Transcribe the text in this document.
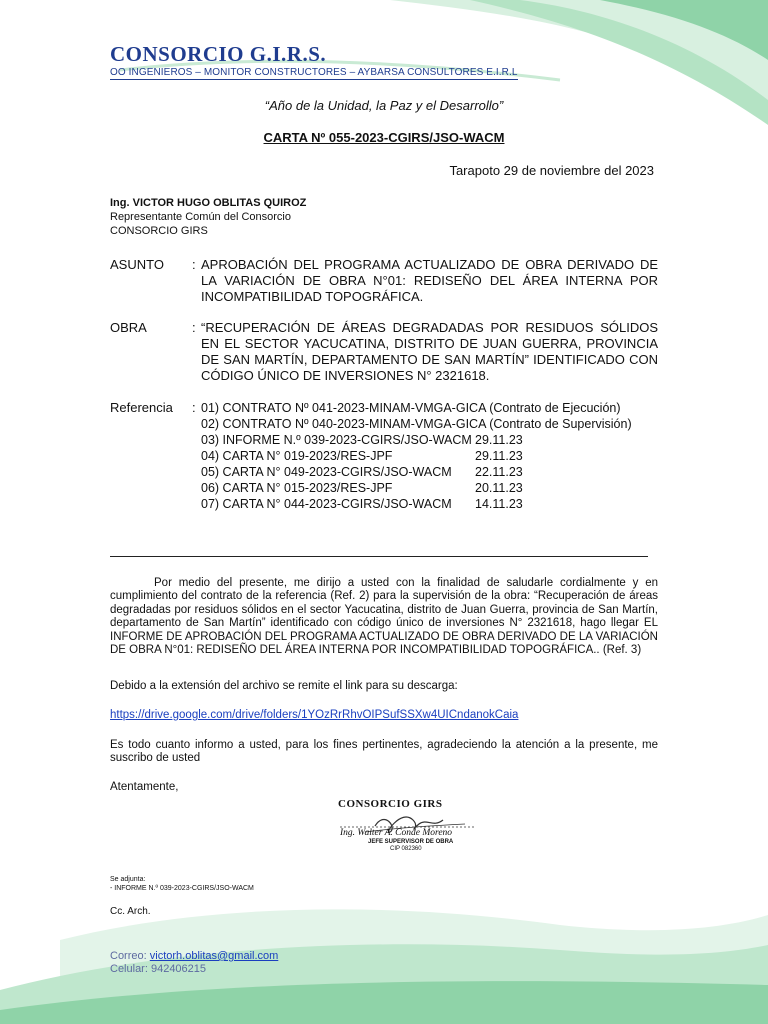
CONSORCIO G.I.R.S.
OO INGENIEROS – MONITOR CONSTRUCTORES – AYBARSA CONSULTORES E.I.R.L
“Año de la Unidad, la Paz y el Desarrollo”
CARTA Nº 055-2023-CGIRS/JSO-WACM
Tarapoto 29 de noviembre del 2023
Ing. VICTOR HUGO OBLITAS QUIROZ
Representante Común del Consorcio
CONSORCIO GIRS
ASUNTO : APROBACIÓN DEL PROGRAMA ACTUALIZADO DE OBRA DERIVADO DE LA VARIACIÓN DE OBRA N°01: REDISEÑO DEL ÁREA INTERNA POR INCOMPATIBILIDAD TOPOGRÁFICA.
OBRA	: “RECUPERACIÓN DE ÁREAS DEGRADADAS POR RESIDUOS SÓLIDOS EN EL SECTOR YACUCATINA, DISTRITO DE JUAN GUERRA, PROVINCIA DE SAN MARTÍN, DEPARTAMENTO DE SAN MARTÍN” IDENTIFICADO CON CÓDIGO ÚNICO DE INVERSIONES N° 2321618.
Referencia : 01) CONTRATO Nº 041-2023-MINAM-VMGA-GICA (Contrato de Ejecución)
02) CONTRATO Nº 040-2023-MINAM-VMGA-GICA (Contrato de Supervisión)
03) INFORME N.º 039-2023-CGIRS/JSO-WACM 29.11.23
04) CARTA N° 019-2023/RES-JPF	29.11.23
05) CARTA N° 049-2023-CGIRS/JSO-WACM 22.11.23
06) CARTA N° 015-2023/RES-JPF	20.11.23
07) CARTA N° 044-2023-CGIRS/JSO-WACM 14.11.23
Por medio del presente, me dirijo a usted con la finalidad de saludarle cordialmente y en cumplimiento del contrato de la referencia (Ref. 2) para la supervisión de la obra: “Recuperación de áreas degradadas por residuos sólidos en el sector Yacucatina, distrito de Juan Guerra, provincia de San Martín, departamento de San Martín” identificado con código único de inversiones N° 2321618, hago llegar EL INFORME DE APROBACIÓN DEL PROGRAMA ACTUALIZADO DE OBRA DERIVADO DE LA VARIACIÓN DE OBRA N°01: REDISEÑO DEL ÁREA INTERNA POR INCOMPATIBILIDAD TOPOGRÁFICA.. (Ref. 3)
Debido a la extensión del archivo se remite el link para su descarga:
https://drive.google.com/drive/folders/1YOzRrRhvOIPSufSSXw4UICndanokCaia
Es todo cuanto informo a usted, para los fines pertinentes, agradeciendo la atención a la presente, me suscribo de usted
Atentamente,
CONSORCIO GIRS
Ing. Walter A. Conde Moreno
JEFE SUPERVISOR DE OBRA
CIP 082360
Se adjunta:
- INFORME N.º 039-2023-CGIRS/JSO-WACM
Cc. Arch.
Correo: victorh.oblitas@gmail.com
Celular: 942406215
